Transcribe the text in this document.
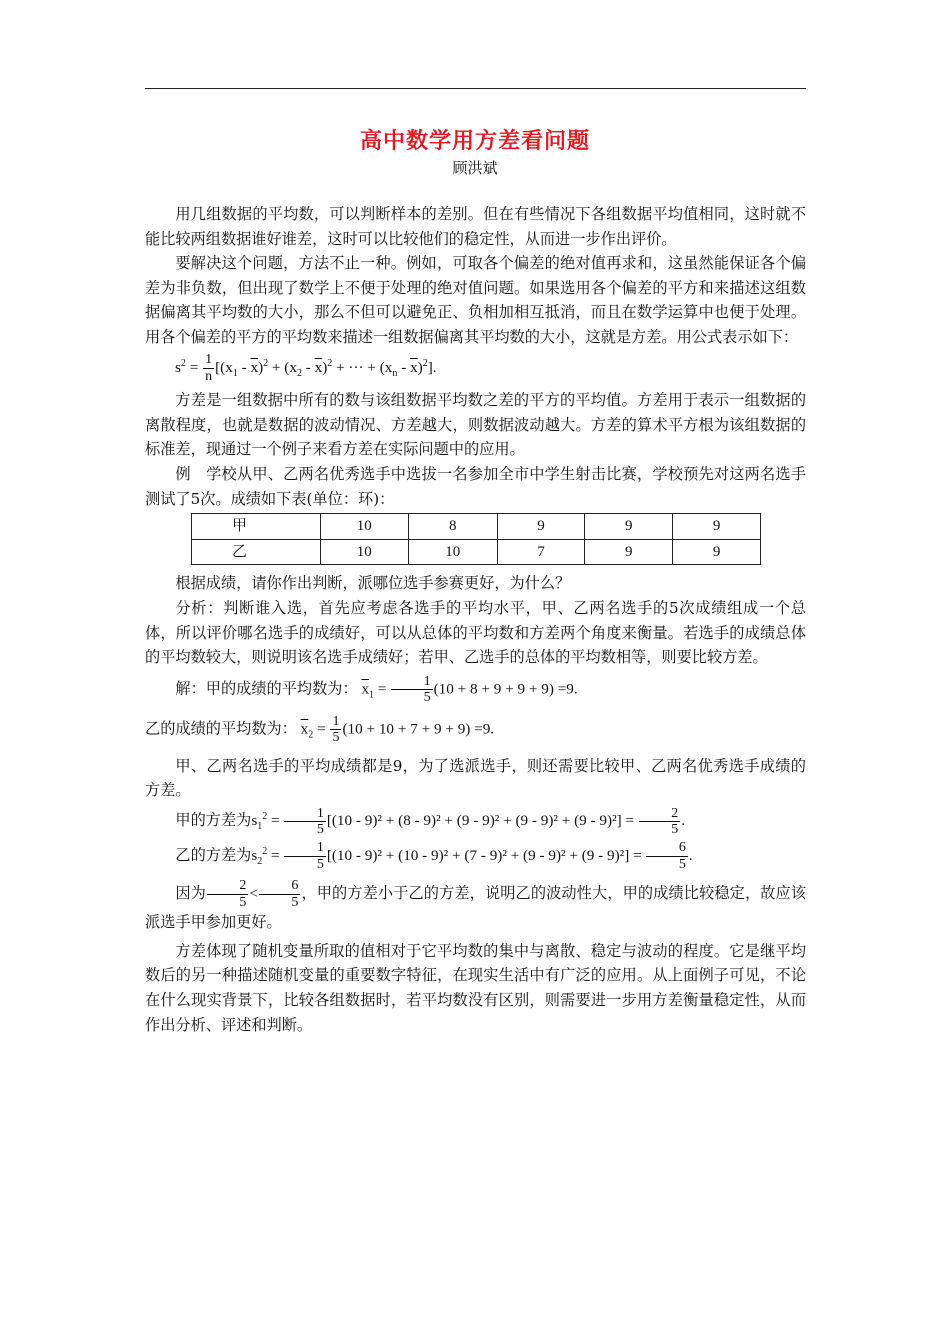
高中数学用方差看问题
顾洪斌

用几组数据的平均数，可以判断样本的差别。但在有些情况下各组数据平均值相同，这时就不能比较两组数据谁好谁差，这时可以比较他们的稳定性，从而进一步作出评价。

要解决这个问题，方法不止一种。例如，可取各个偏差的绝对值再求和，这虽然能保证各个偏差为非负数，但出现了数学上不便于处理的绝对值问题。如果选用各个偏差的平方和来描述这组数据偏离其平均数的大小，那么不但可以避免正、负相加相互抵消，而且在数学运算中也便于处理。用各个偏差的平方的平均数来描述一组数据偏离其平均数的大小，这就是方差。用公式表示如下：

$s^2 = \frac{1}{n} [(x_1 - \overline{x})^2 + (x_2 - \overline{x})^2$ + ··· + $(x_n - \overline{x})^2$].

方差是一组数据中所有的数与该组数据平均数之差的平方的平均值。方差用于表示一组数据的离散程度，也就是数据的波动情况、方差越大，则数据波动越大。方差的算术平方根为该组数据的标准差，现通过一个例子来看方差在实际问题中的应用。

例　学校从甲、乙两名优秀选手中选拔一名参加全市中学生射击比赛，学校预先对这两名选手测试了5次。成绩如下表(单位：环)：

甲	10	8	9	9	9
乙	10	10	7	9	9

根据成绩，请你作出判断，派哪位选手参赛更好，为什么？

分析：判断谁入选，首先应考虑各选手的平均水平，甲、乙两名选手的5次成绩组成一个总体，所以评价哪名选手的成绩好，可以从总体的平均数和方差两个角度来衡量。若选手的成绩总体的平均数较大，则说明该名选手成绩好；若甲、乙选手的总体的平均数相等，则要比较方差。

解：甲的成绩的平均数为： $\overline{x}_1 = \frac{1}{5} (10 + 8 + 9 + 9 + 9) =9$.

乙的成绩的平均数为： $\overline{x}_2 = \frac{1}{5} (10 + 10 + 7 + 9 + 9) =9$.

甲、乙两名选手的平均成绩都是9，为了选派选手，则还需要比较甲、乙两名优秀选手成绩的方差。

甲的方差为$s_1^2 = \frac{1}{5} [(10 - 9)^2 + (8 - 9)^2 + (9 - 9)^2 + (9 - 9)^2 + (9 - 9)^2] = \frac{2}{5}$ .

乙的方差为$s_2^2 = \frac{1}{5} [(10 - 9)^2 + (10 - 9)^2 + (7 - 9)^2 + (9 - 9)^2 + (9 - 9)^2] = \frac{6}{5}$ .

因为 $\frac{2}{5} < \frac{6}{5}$ ，甲的方差小于乙的方差，说明乙的波动性大，甲的成绩比较稳定，故应该派选手甲参加更好。

方差体现了随机变量所取的值相对于它平均数的集中与离散、稳定与波动的程度。它是继平均数后的另一种描述随机变量的重要数字特征，在现实生活中有广泛的应用。从上面例子可见，不论在什么现实背景下，比较各组数据时，若平均数没有区别，则需要进一步用方差衡量稳定性，从而作出分析、评述和判断。
